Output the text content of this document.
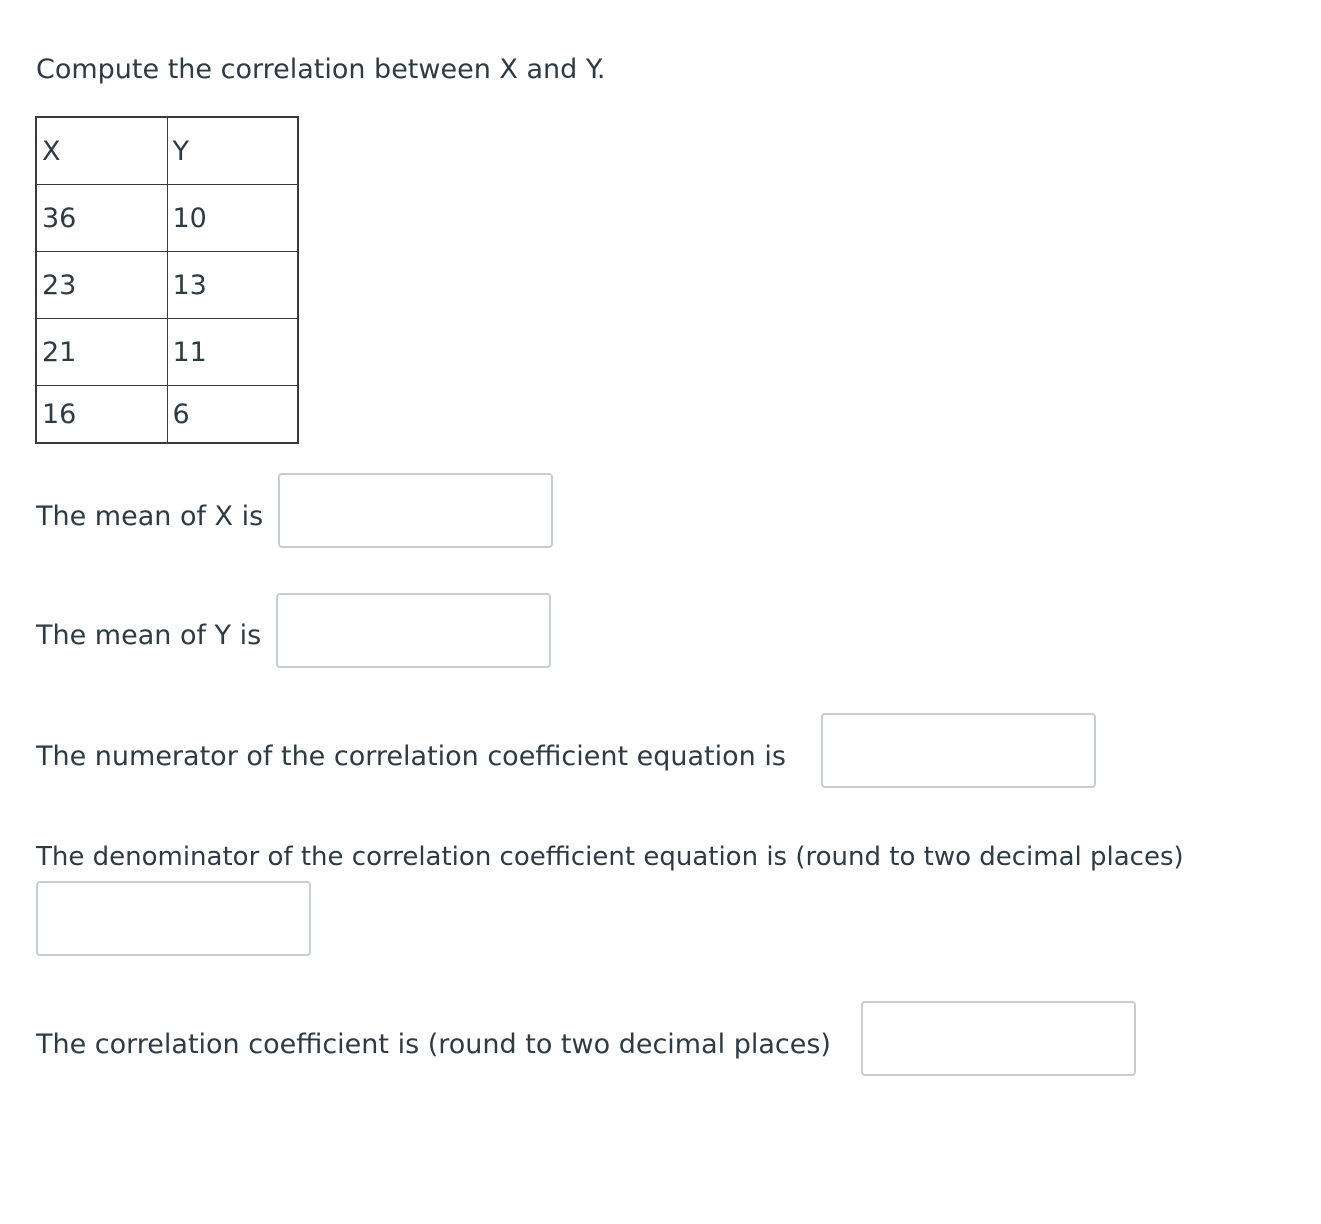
Compute the correlation between X and Y.
X	Y
36	10
23	13
21	11
16	6
The mean of X is
The mean of Y is
The numerator of the correlation coefficient equation is
The denominator of the correlation coefficient equation is (round to two decimal places)
The correlation coefficient is (round to two decimal places)
